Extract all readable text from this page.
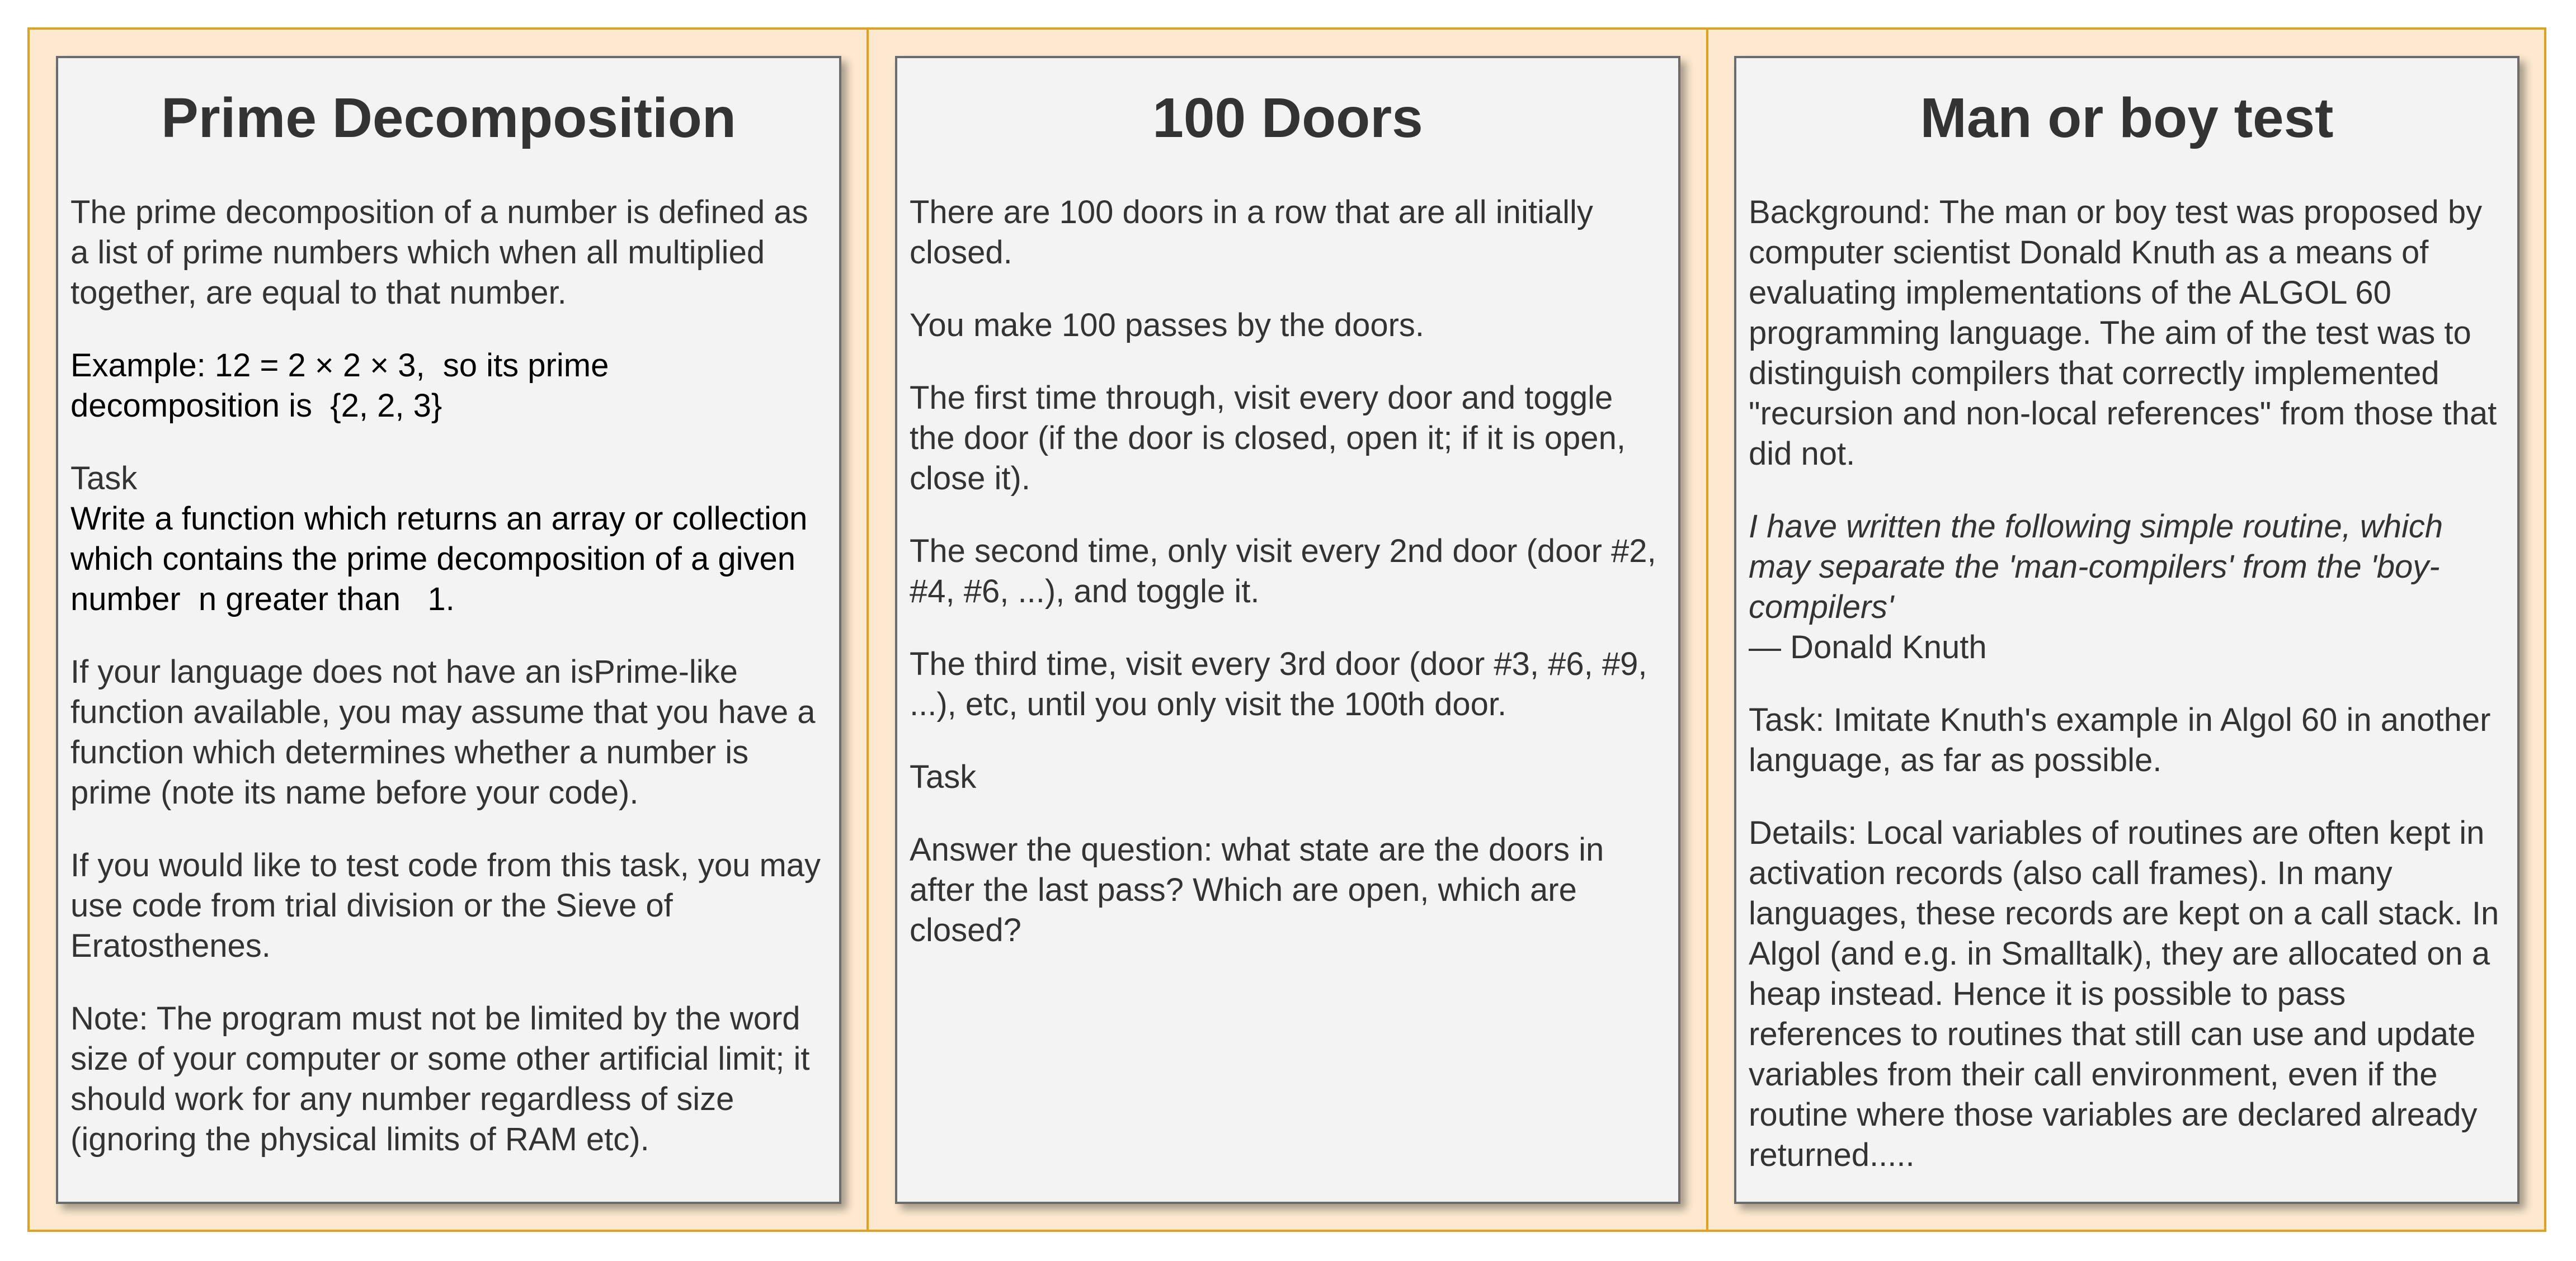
Prime Decomposition

The prime decomposition of a number is defined as a list of prime numbers which when all multiplied together, are equal to that number.

Example: 12 = 2 × 2 × 3,  so its prime decomposition is  {2, 2, 3}

Task

Write a function which returns an array or collection which contains the prime decomposition of a given number  n greater than   1.

If your language does not have an isPrime-like function available, you may assume that you have a function which determines whether a number is prime (note its name before your code).

If you would like to test code from this task, you may use code from trial division or the Sieve of Eratosthenes.

Note: The program must not be limited by the word size of your computer or some other artificial limit; it should work for any number regardless of size (ignoring the physical limits of RAM etc).

100 Doors

There are 100 doors in a row that are all initially closed.

You make 100 passes by the doors.

The first time through, visit every door and toggle the door (if the door is closed, open it; if it is open, close it).

The second time, only visit every 2nd door (door #2, #4, #6, ...), and toggle it.

The third time, visit every 3rd door (door #3, #6, #9, ...), etc, until you only visit the 100th door.

Task

Answer the question: what state are the doors in after the last pass? Which are open, which are closed?

Man or boy test

Background: The man or boy test was proposed by computer scientist Donald Knuth as a means of evaluating implementations of the ALGOL 60 programming language. The aim of the test was to distinguish compilers that correctly implemented "recursion and non-local references" from those that did not.

I have written the following simple routine, which may separate the 'man-compilers' from the 'boy-compilers'

— Donald Knuth

Task: Imitate Knuth's example in Algol 60 in another language, as far as possible.

Details: Local variables of routines are often kept in activation records (also call frames). In many languages, these records are kept on a call stack. In Algol (and e.g. in Smalltalk), they are allocated on a heap instead. Hence it is possible to pass references to routines that still can use and update variables from their call environment, even if the routine where those variables are declared already returned.....
